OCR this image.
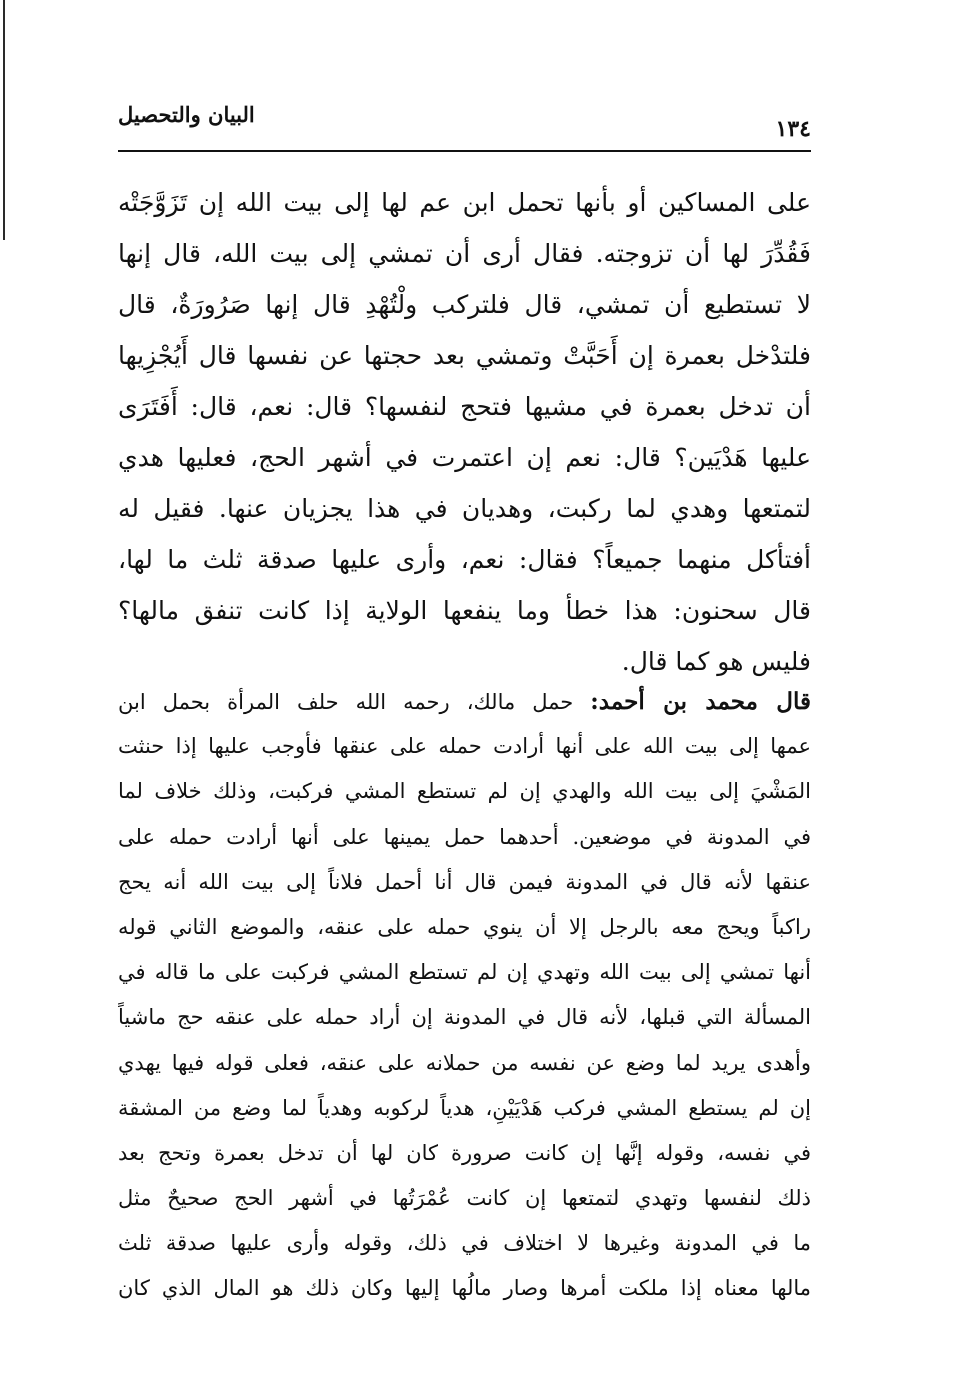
البيان والتحصيل
١٣٤
على المساكين أو بأنها تحمل ابن عم لها إلى بيت الله إن تَزَوَّجَتْه
فَقُدِّرَ لها أن تزوجته. فقال أرى أن تمشي إلى بيت الله، قال إنها
لا تستطيع أن تمشي، قال فلتركب ولْتُهْدِ قال إنها صَرُورَةٌ، قال
فلتدْخل بعمرة إن أَحَبَّتْ وتمشي بعد حجتها عن نفسها قال أَيُجْزِيها
أن تدخل بعمرة في مشيها فتحج لنفسها؟ قال: نعم، قال: أَفَتَرَى
عليها هَدْيَين؟ قال: نعم إن اعتمرت في أشهر الحج، فعليها هدي
لتمتعها وهدي لما ركبت، وهديان في هذا يجزيان عنها. فقيل له
أفتأكل منهما جميعاً؟ فقال: نعم، وأرى عليها صدقة ثلث ما لها،
قال سحنون: هذا خطأ وما ينفعها الولاية إذا كانت تنفق مالها؟
فليس هو كما قال.
قال محمد بن أحمد: حمل مالك، رحمه الله حلف المرأة بحمل ابن
عمها إلى بيت الله على أنها أرادت حمله على عنقها فأوجب عليها إذا حنثت
المَشْيَ إلى بيت الله والهدي إن لم تستطع المشي فركبت، وذلك خلاف لما
في المدونة في موضعين. أحدهما حمل يمينها على أنها أرادت حمله على
عنقها لأنه قال في المدونة فيمن قال أنا أحمل فلاناً إلى بيت الله أنه يحج
راكباً ويحج معه بالرجل إلا أن ينوي حمله على عنقه، والموضع الثاني قوله
أنها تمشي إلى بيت الله وتهدي إن لم تستطع المشي فركبت على ما قاله في
المسألة التي قبلها، لأنه قال في المدونة إن أراد حمله على عنقه حج ماشياً
وأهدى يريد لما وضع عن نفسه من حملانه على عنقه، فعلى قوله فيها يهدي
إن لم يستطع المشي فركب هَدْيَيْنِ، هدياً لركوبه وهدياً لما وضع من المشقة
في نفسه، وقوله إنَّها إن كانت صرورة كان لها أن تدخل بعمرة وتحج بعد
ذلك لنفسها وتهدي لتمتعها إن كانت عُمْرَتُها في أشهر الحج صحيحٌ مثل
ما في المدونة وغيرها لا اختلاف في ذلك، وقوله وأرى عليها صدقة ثلث
مالها معناه إذا ملكت أمرها وصار مالُها إليها وكان ذلك هو المال الذي كان
